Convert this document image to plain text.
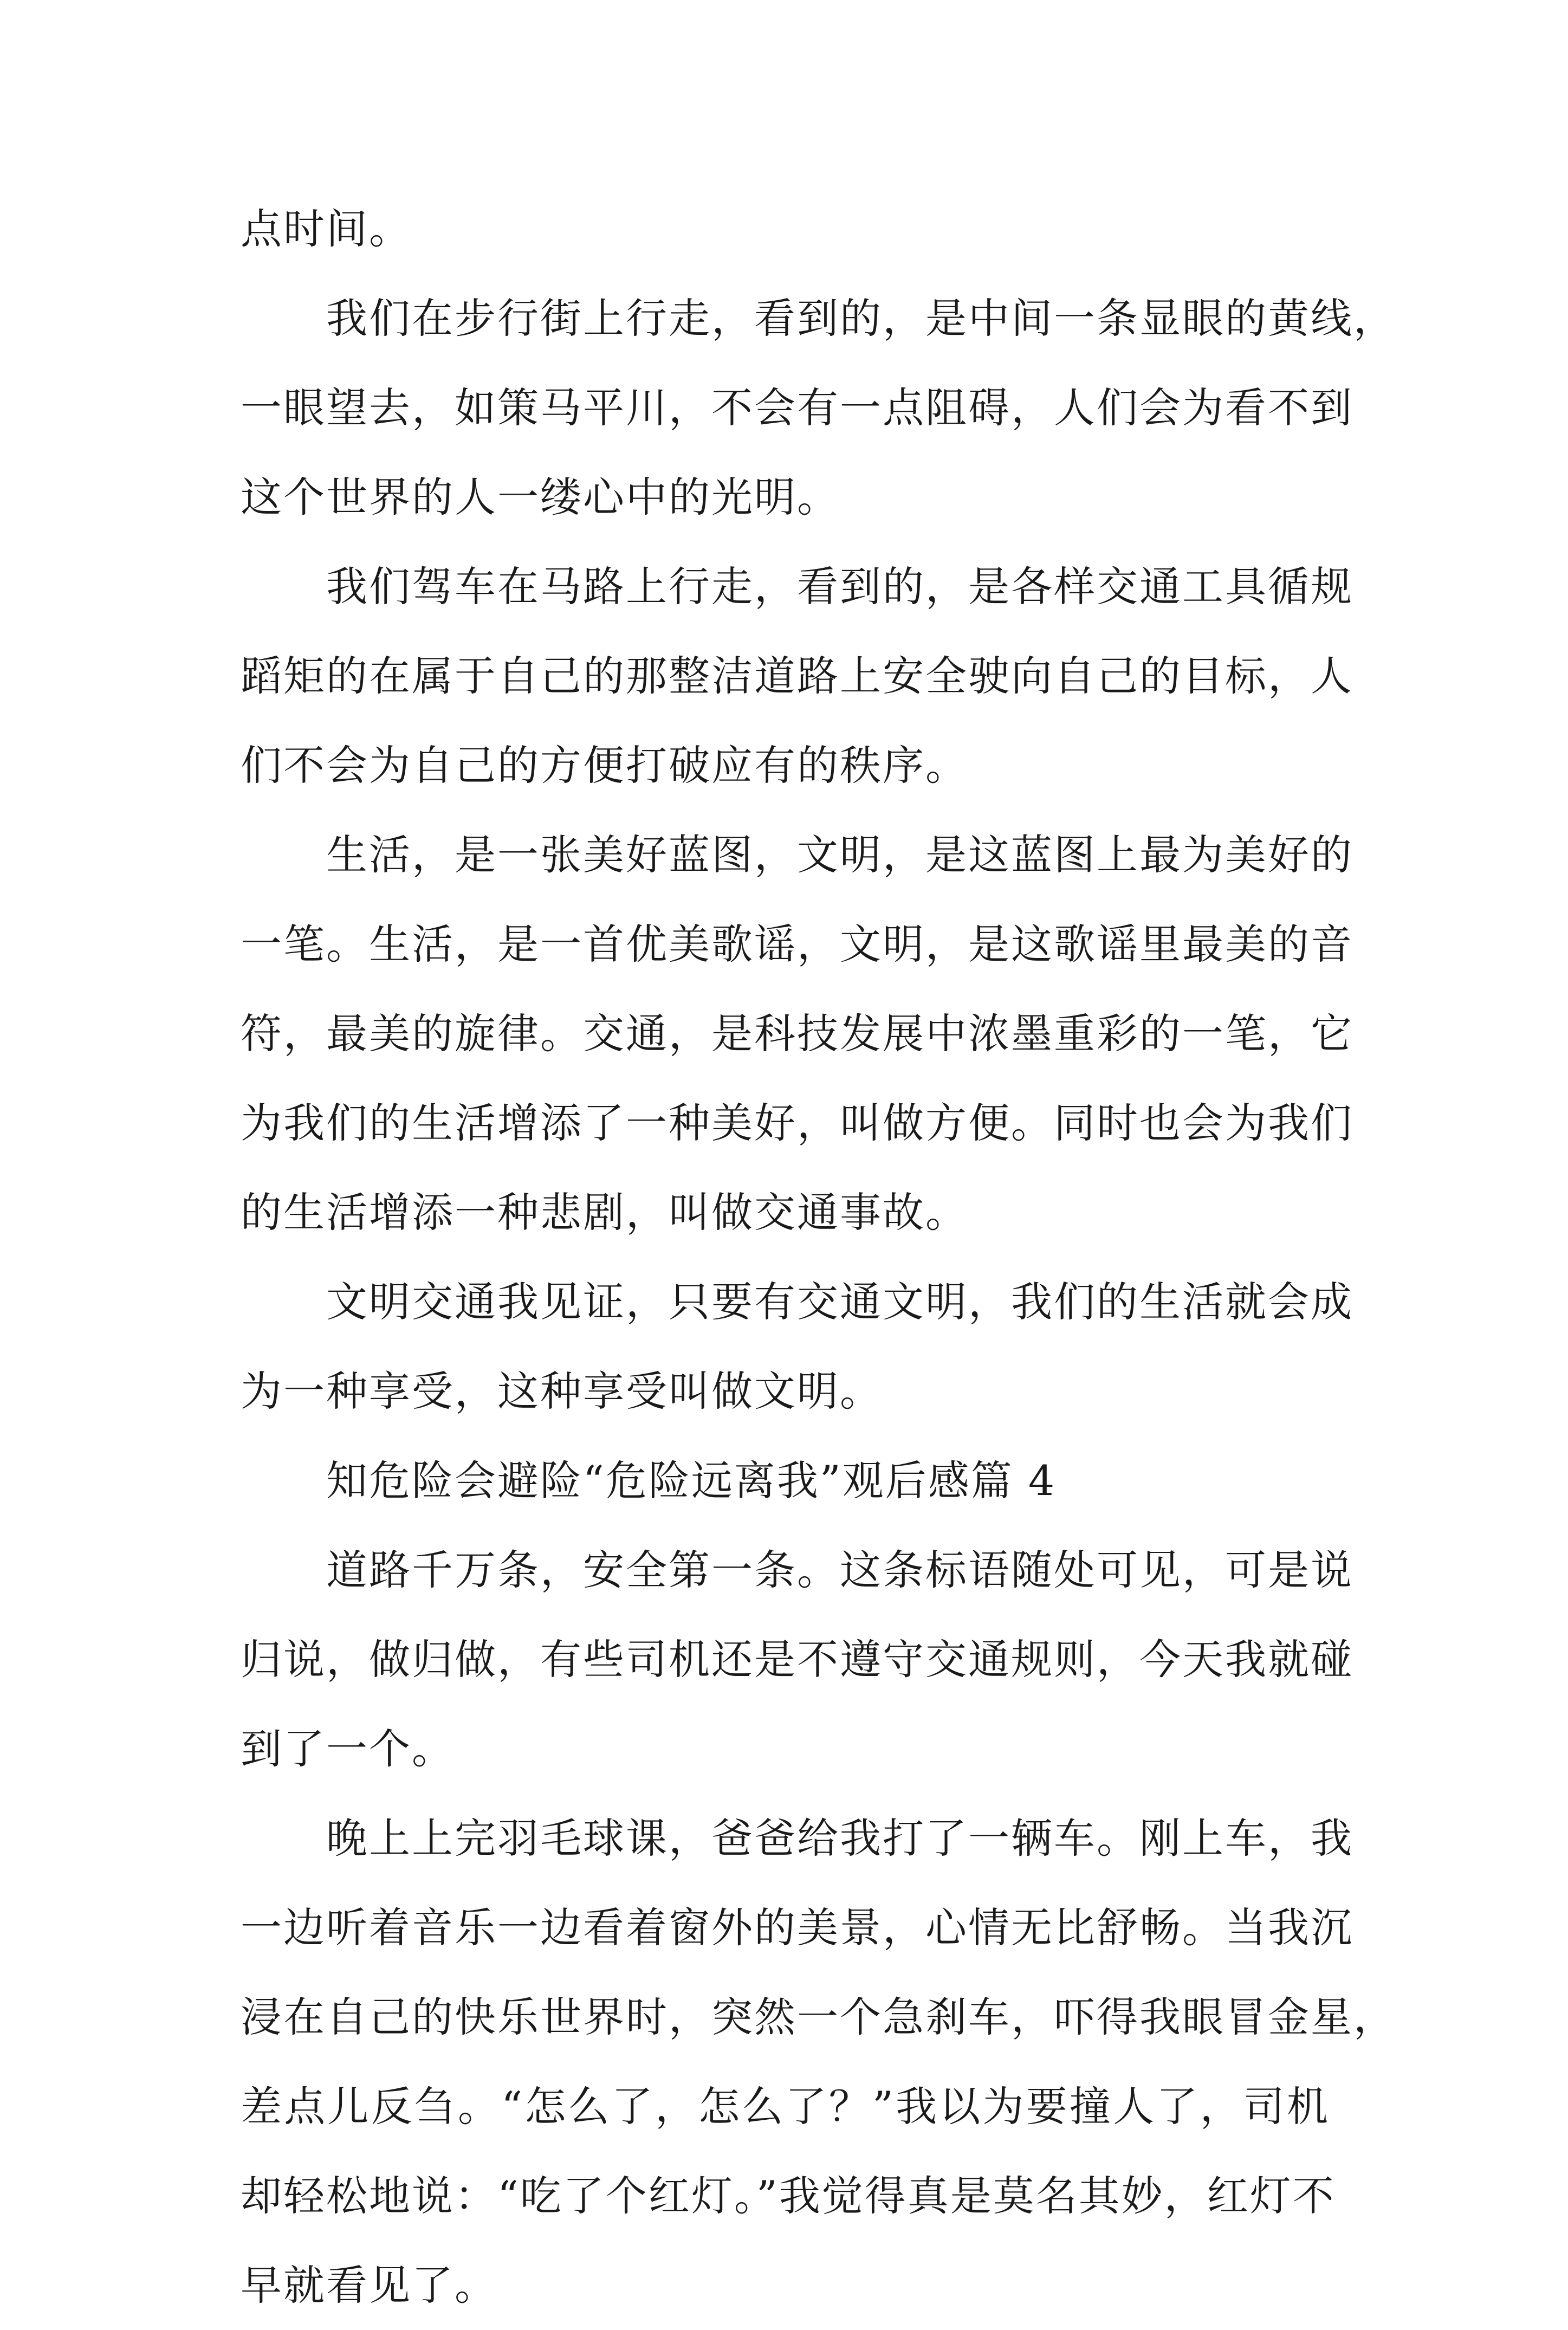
点时间。
我们在步行街上行走，看到的，是中间一条显眼的黄线，
一眼望去，如策马平川，不会有一点阻碍，人们会为看不到
这个世界的人一缕心中的光明。
我们驾车在马路上行走，看到的，是各样交通工具循规
蹈矩的在属于自己的那整洁道路上安全驶向自己的目标，人
们不会为自己的方便打破应有的秩序。
生活，是一张美好蓝图，文明，是这蓝图上最为美好的
一笔。生活，是一首优美歌谣，文明，是这歌谣里最美的音
符，最美的旋律。交通，是科技发展中浓墨重彩的一笔，它
为我们的生活增添了一种美好，叫做方便。同时也会为我们
的生活增添一种悲剧，叫做交通事故。
文明交通我见证，只要有交通文明，我们的生活就会成
为一种享受，这种享受叫做文明。
知危险会避险“危险远离我”观后感篇 4
道路千万条，安全第一条。这条标语随处可见，可是说
归说，做归做，有些司机还是不遵守交通规则，今天我就碰
到了一个。
晚上上完羽毛球课，爸爸给我打了一辆车。刚上车，我
一边听着音乐一边看着窗外的美景，心情无比舒畅。当我沉
浸在自己的快乐世界时，突然一个急刹车，吓得我眼冒金星，
差点儿反刍。“怎么了，怎么了？”我以为要撞人了，司机
却轻松地说：“吃了个红灯。”我觉得真是莫名其妙，红灯不
早就看见了。
